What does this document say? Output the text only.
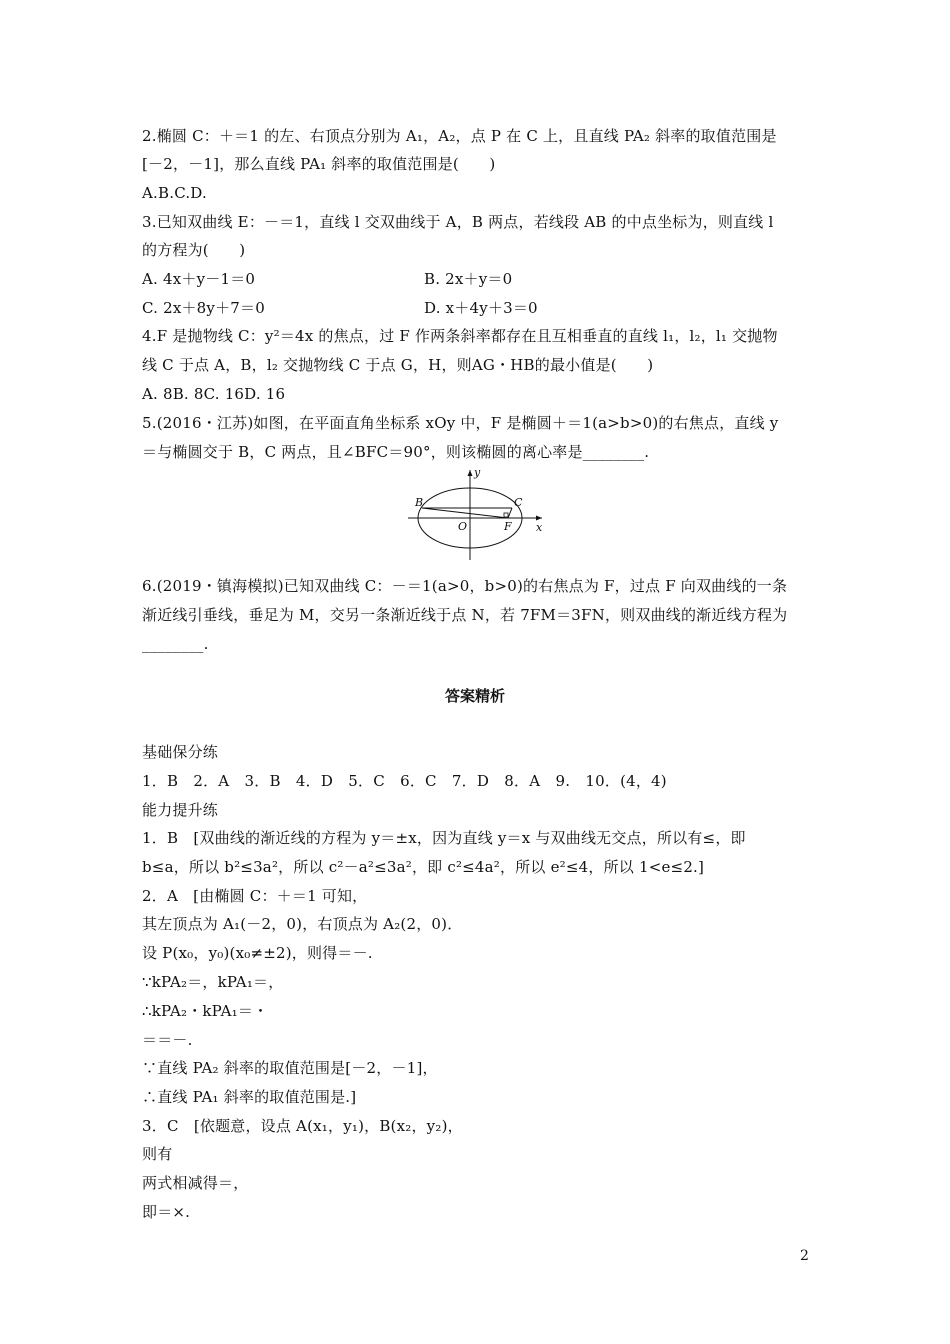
2.椭圆 C：＋＝1 的左、右顶点分别为 A₁，A₂，点 P 在 C 上，且直线 PA₂ 斜率的取值范围是
[－2，－1]，那么直线 PA₁ 斜率的取值范围是(　　)
A.B.C.D.
3.已知双曲线 E：－＝1，直线 l 交双曲线于 A，B 两点，若线段 AB 的中点坐标为，则直线 l
的方程为(　　)
A. 4x＋y－1＝0	B. 2x＋y＝0
C. 2x＋8y＋7＝0	D. x＋4y＋3＝0
4.F 是抛物线 C：y²＝4x 的焦点，过 F 作两条斜率都存在且互相垂直的直线 l₁，l₂，l₁ 交抛物
线 C 于点 A，B，l₂ 交抛物线 C 于点 G，H，则AG・HB的最小值是(　　)
A. 8B. 8C. 16D. 16
5.(2016・江苏)如图，在平面直角坐标系 xOy 中，F 是椭圆＋＝1(a>b>0)的右焦点，直线 y
＝与椭圆交于 B，C 两点，且∠BFC＝90°，则该椭圆的离心率是________.
y
x
B	C
O	F
6.(2019・镇海模拟)已知双曲线 C：－＝1(a>0，b>0)的右焦点为 F，过点 F 向双曲线的一条
渐近线引垂线，垂足为 M，交另一条渐近线于点 N，若 7FM＝3FN，则双曲线的渐近线方程为
________.
答案精析
基础保分练
1．B　2．A　3．B　4．D　5．C　6．C　7．D　8．A　9.　10．(4，4)
能力提升练
1．B　[双曲线的渐近线的方程为 y＝±x，因为直线 y＝x 与双曲线无交点，所以有≤，即
b≤a，所以 b²≤3a²，所以 c²－a²≤3a²，即 c²≤4a²，所以 e²≤4，所以 1<e≤2.]
2．A　[由椭圆 C：＋＝1 可知，
其左顶点为 A₁(－2，0)，右顶点为 A₂(2，0)．
设 P(x₀，y₀)(x₀≠±2)，则得＝－.
∵kPA₂＝，kPA₁＝，
∴kPA₂・kPA₁＝・
＝＝－.
∵直线 PA₂ 斜率的取值范围是[－2，－1]，
∴直线 PA₁ 斜率的取值范围是.]
3．C　[依题意，设点 A(x₁，y₁)，B(x₂，y₂)，
则有
两式相减得＝，
即＝×.
2
